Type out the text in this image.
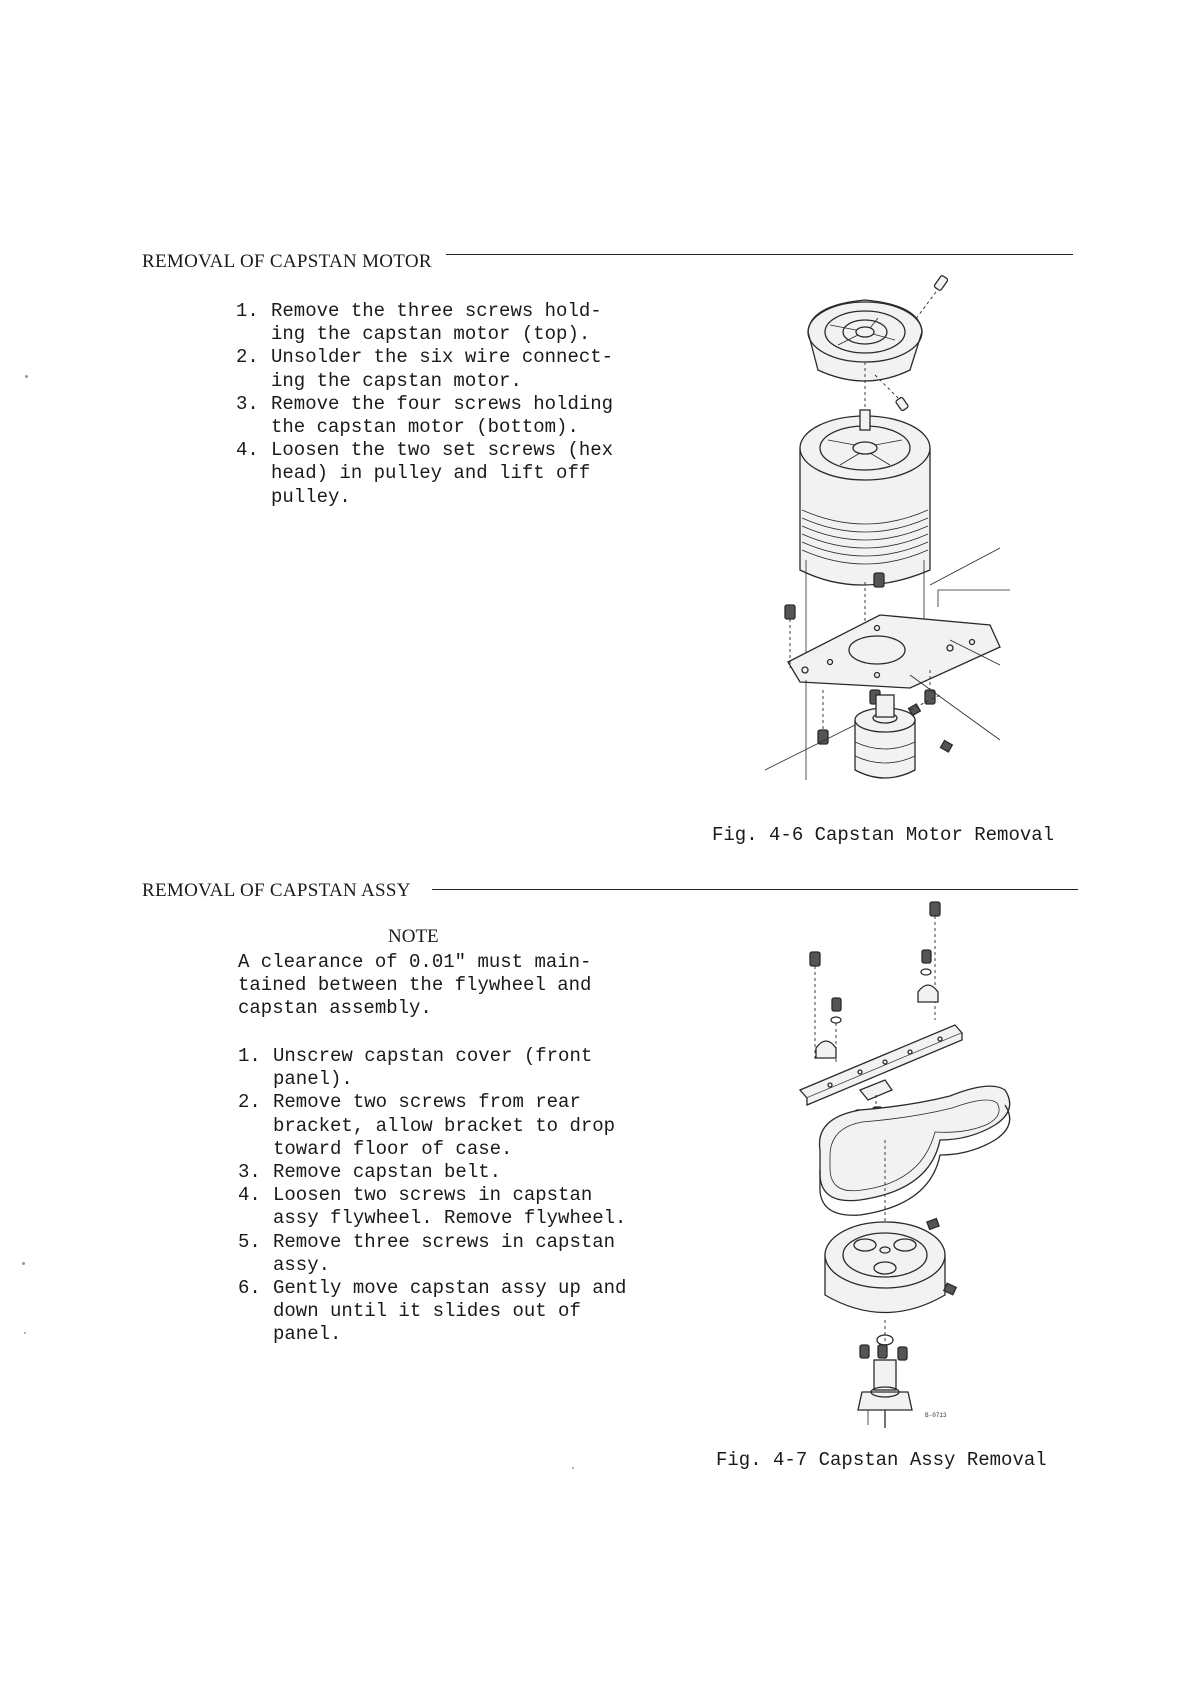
REMOVAL OF CAPSTAN MOTOR
1. Remove the three screws hold-
ing the capstan motor (top).
2. Unsolder the six wire connect-
ing the capstan motor.
3. Remove the four screws holding
the capstan motor (bottom).
4. Loosen the two set screws (hex
head) in pulley and lift off
pulley.
Fig. 4-6 Capstan Motor Removal
REMOVAL OF CAPSTAN ASSY
NOTE
A clearance of 0.01" must main-
tained between the flywheel and
capstan assembly.
1. Unscrew capstan cover (front
panel).
2. Remove two screws from rear
bracket, allow bracket to drop
toward floor of case.
3. Remove capstan belt.
4. Loosen two screws in capstan
assy flywheel. Remove flywheel.
5. Remove three screws in capstan
assy.
6. Gently move capstan assy up and
down until it slides out of
panel.
B-0713
Fig. 4-7 Capstan Assy Removal
